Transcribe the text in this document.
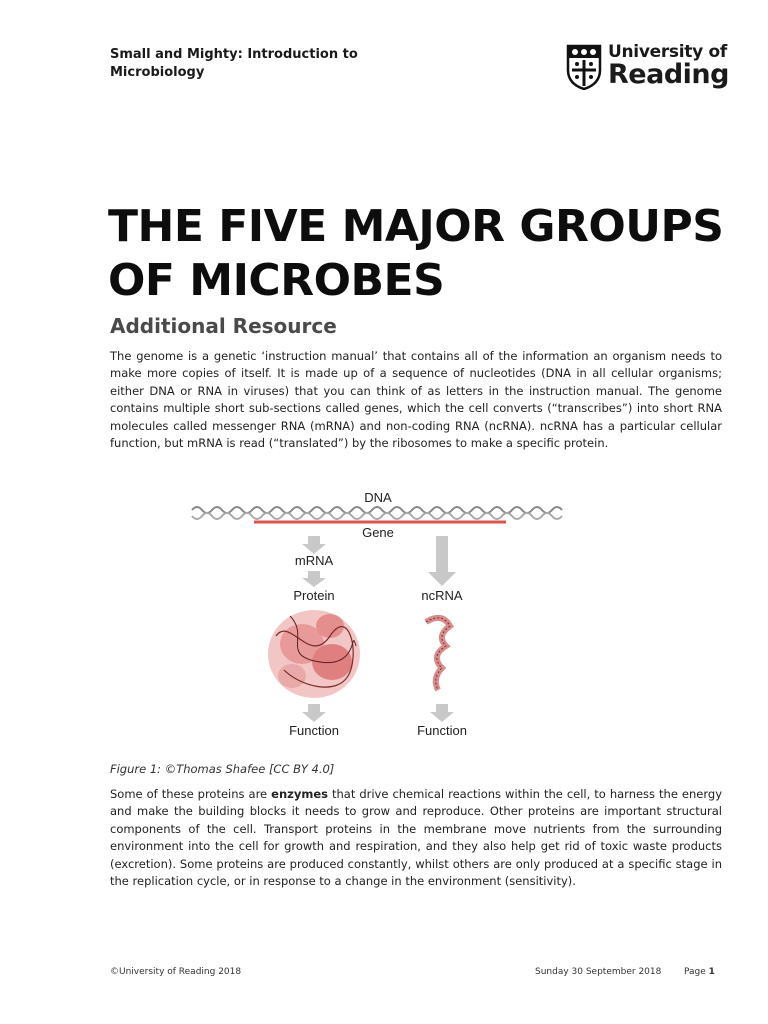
Small and Mighty: Introduction to Microbiology
University of
Reading
THE FIVE MAJOR GROUPS OF MICROBES
Additional Resource
The genome is a genetic ‘instruction manual’ that contains all of the information an organism needs to make more copies of itself. It is made up of a sequence of nucleotides (DNA in all cellular organisms; either DNA or RNA in viruses) that you can think of as letters in the instruction manual. The genome contains multiple short sub-sections called genes, which the cell converts (“transcribes”) into short RNA molecules called messenger RNA (mRNA) and non-coding RNA (ncRNA). ncRNA has a particular cellular function, but mRNA is read (“translated”) by the ribosomes to make a specific protein.
DNA
Gene
mRNA
Protein	ncRNA
Function	Function
Figure 1: ©Thomas Shafee [CC BY 4.0]
Some of these proteins are enzymes that drive chemical reactions within the cell, to harness the energy and make the building blocks it needs to grow and reproduce. Other proteins are important structural components of the cell. Transport proteins in the membrane move nutrients from the surrounding environment into the cell for growth and respiration, and they also help get rid of toxic waste products (excretion). Some proteins are produced constantly, whilst others are only produced at a specific stage in the replication cycle, or in response to a change in the environment (sensitivity).
©University of Reading 2018	Sunday 30 September 2018	Page 1
